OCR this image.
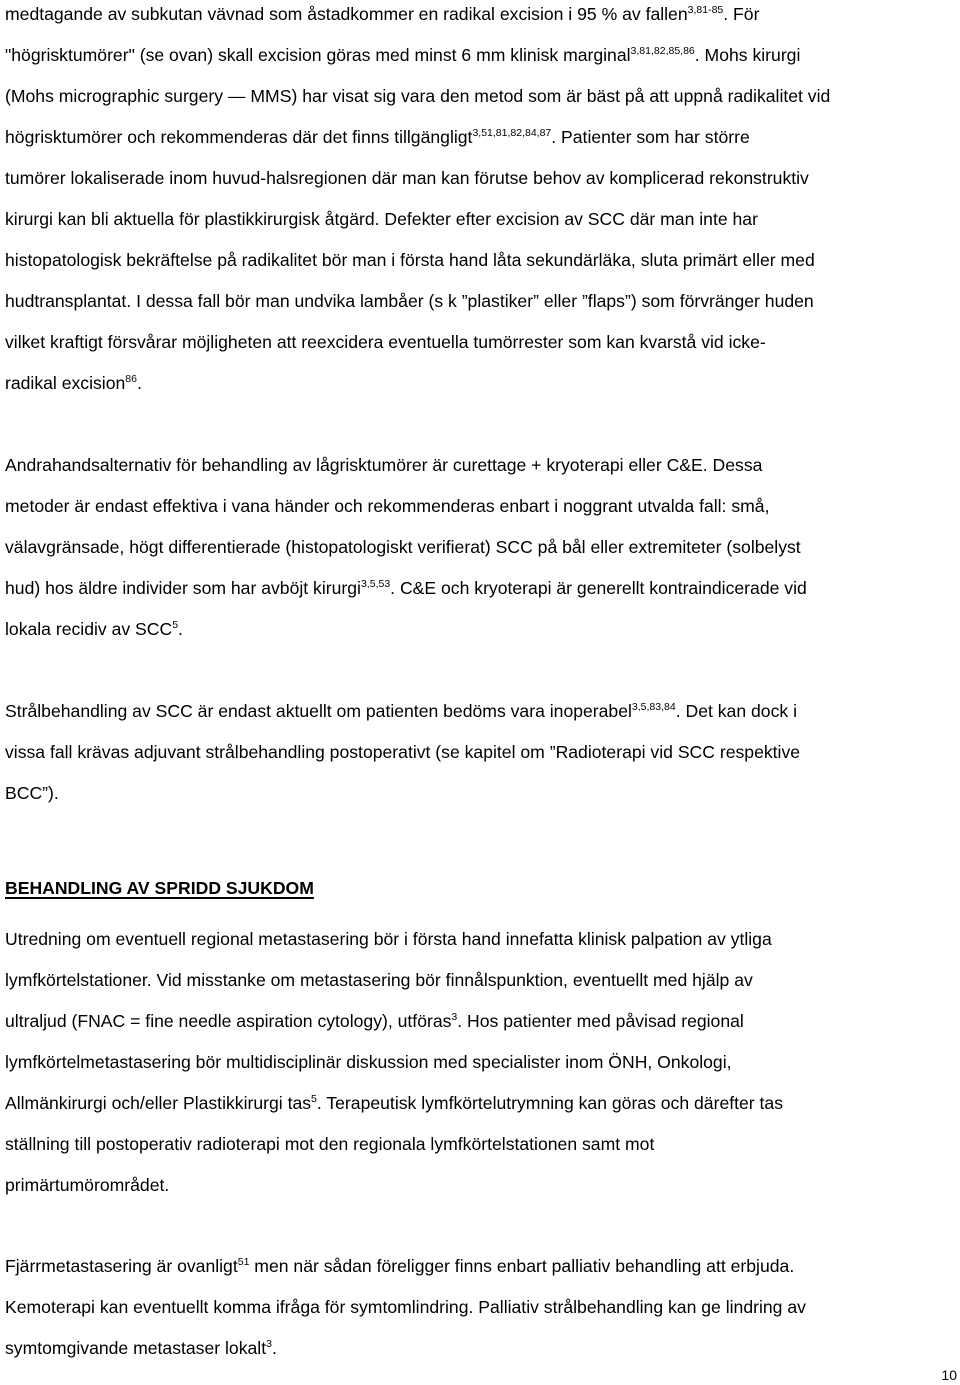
medtagande av subkutan vävnad som åstadkommer en radikal excision i 95 % av fallen$^{3,81-85}$. För
"högrisktumörer" (se ovan) skall excision göras med minst 6 mm klinisk marginal$^{3,81,82,85,86}$. Mohs kirurgi
(Mohs micrographic surgery — MMS) har visat sig vara den metod som är bäst på att uppnå radikalitet vid
högrisktumörer och rekommenderas där det finns tillgängligt$^{3,51,81,82,84,87}$. Patienter som har större
tumörer lokaliserade inom huvud-halsregionen där man kan förutse behov av komplicerad rekonstruktiv
kirurgi kan bli aktuella för plastikkirurgisk åtgärd. Defekter efter excision av SCC där man inte har
histopatologisk bekräftelse på radikalitet bör man i första hand låta sekundärläka, sluta primärt eller med
hudtransplantat. I dessa fall bör man undvika lambåer (s k ”plastiker” eller ”flaps”) som förvränger huden
vilket kraftigt försvårar möjligheten att reexcidera eventuella tumörrester som kan kvarstå vid icke-
radikal excision$^{86}$.
Andrahandsalternativ för behandling av lågrisktumörer är curettage + kryoterapi eller C&E. Dessa
metoder är endast effektiva i vana händer och rekommenderas enbart i noggrant utvalda fall: små,
välavgränsade, högt differentierade (histopatologiskt verifierat) SCC på bål eller extremiteter (solbelyst
hud) hos äldre individer som har avböjt kirurgi$^{3,5,53}$. C&E och kryoterapi är generellt kontraindicerade vid
lokala recidiv av SCC$^5$.
Strålbehandling av SCC är endast aktuellt om patienten bedöms vara inoperabel$^{3,5,83,84}$. Det kan dock i
vissa fall krävas adjuvant strålbehandling postoperativt (se kapitel om ”Radioterapi vid SCC respektive
BCC”).
BEHANDLING AV SPRIDD SJUKDOM
Utredning om eventuell regional metastasering bör i första hand innefatta klinisk palpation av ytliga
lymfkörtelstationer. Vid misstanke om metastasering bör finnålspunktion, eventuellt med hjälp av
ultraljud (FNAC = fine needle aspiration cytology), utföras$^3$. Hos patienter med påvisad regional
lymfkörtelmetastasering bör multidisciplinär diskussion med specialister inom ÖNH, Onkologi,
Allmänkirurgi och/eller Plastikkirurgi tas$^5$. Terapeutisk lymfkörtelutrymning kan göras och därefter tas
ställning till postoperativ radioterapi mot den regionala lymfkörtelstationen samt mot
primärtumörområdet.
Fjärrmetastasering är ovanligt$^{51}$ men när sådan föreligger finns enbart palliativ behandling att erbjuda.
Kemoterapi kan eventuellt komma ifråga för symtomlindring. Palliativ strålbehandling kan ge lindring av
symtomgivande metastaser lokalt$^3$.
10
